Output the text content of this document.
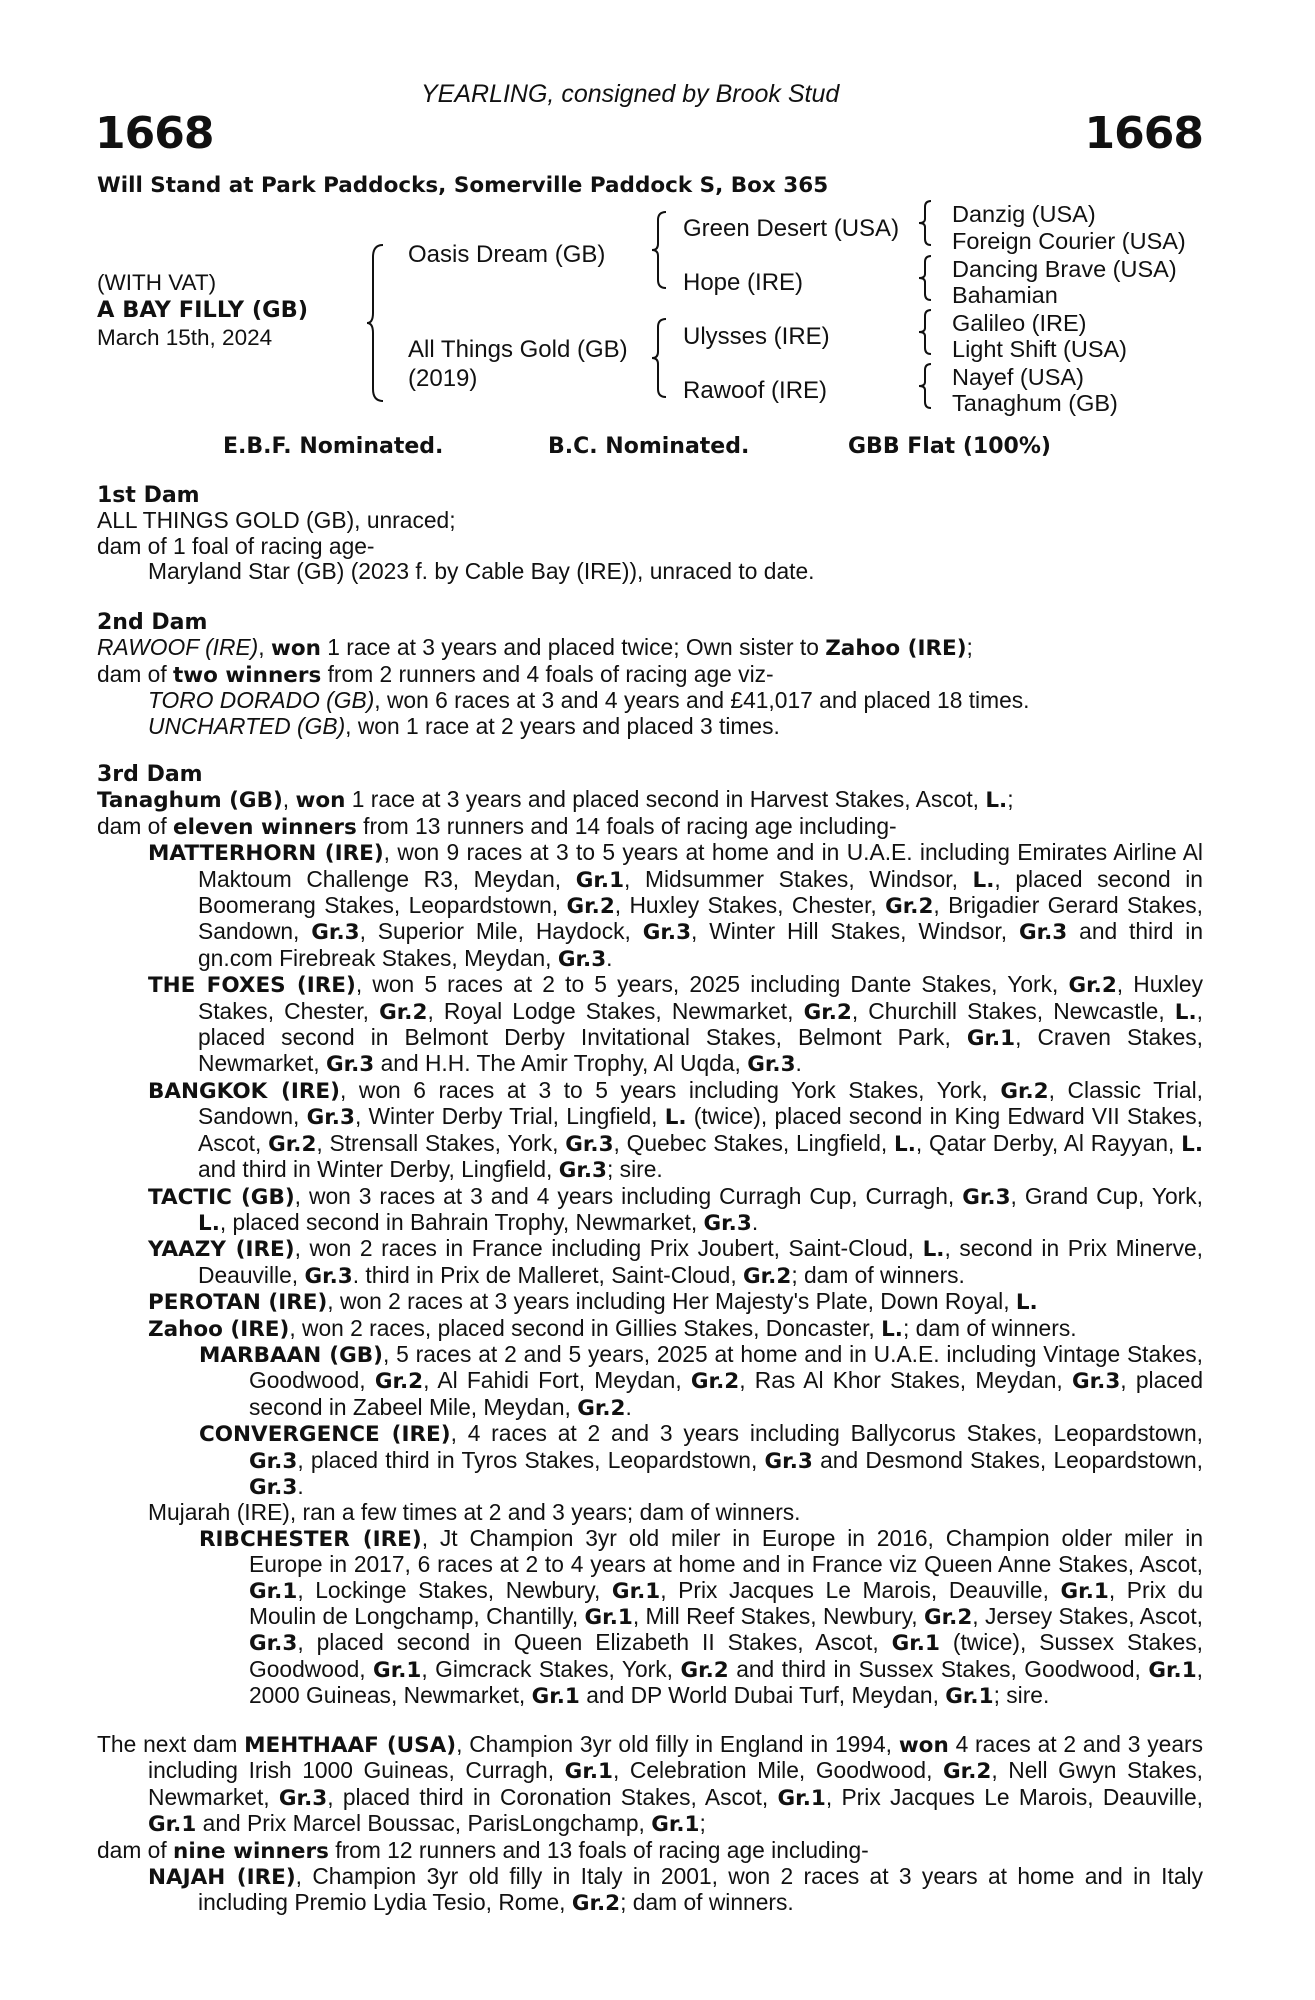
YEARLING, consigned by Brook Stud
1668	1668
Will Stand at Park Paddocks, Somerville Paddock S, Box 365
(WITH VAT)
A BAY FILLY (GB)
March 15th, 2024
Oasis Dream (GB)
All Things Gold (GB)
(2019)
Green Desert (USA)
Hope (IRE)
Ulysses (IRE)
Rawoof (IRE)
Danzig (USA)
Foreign Courier (USA)
Dancing Brave (USA)
Bahamian
Galileo (IRE)
Light Shift (USA)
Nayef (USA)
Tanaghum (GB)
E.B.F. Nominated.	B.C. Nominated.	GBB Flat (100%)
1st Dam

ALL THINGS GOLD (GB), unraced;

dam of 1 foal of racing age-

Maryland Star (GB) (2023 f. by Cable Bay (IRE)), unraced to date.

2nd Dam

RAWOOF (IRE), won 1 race at 3 years and placed twice; Own sister to Zahoo (IRE);

dam of two winners from 2 runners and 4 foals of racing age viz-

TORO DORADO (GB), won 6 races at 3 and 4 years and £41,017 and placed 18 times.

UNCHARTED (GB), won 1 race at 2 years and placed 3 times.

3rd Dam

Tanaghum (GB), won 1 race at 3 years and placed second in Harvest Stakes, Ascot, L.;

dam of eleven winners from 13 runners and 14 foals of racing age including-

MATTERHORN (IRE), won 9 races at 3 to 5 years at home and in U.A.E. including Emirates Airline Al Maktoum Challenge R3, Meydan, Gr.1, Midsummer Stakes, Windsor, L., placed second in Boomerang Stakes, Leopardstown, Gr.2, Huxley Stakes, Chester, Gr.2, Brigadier Gerard Stakes, Sandown, Gr.3, Superior Mile, Haydock, Gr.3, Winter Hill Stakes, Windsor, Gr.3 and third in gn.com Firebreak Stakes, Meydan, Gr.3.

THE FOXES (IRE), won 5 races at 2 to 5 years, 2025 including Dante Stakes, York, Gr.2, Huxley Stakes, Chester, Gr.2, Royal Lodge Stakes, Newmarket, Gr.2, Churchill Stakes, Newcastle, L., placed second in Belmont Derby Invitational Stakes, Belmont Park, Gr.1, Craven Stakes, Newmarket, Gr.3 and H.H. The Amir Trophy, Al Uqda, Gr.3.

BANGKOK (IRE), won 6 races at 3 to 5 years including York Stakes, York, Gr.2, Classic Trial, Sandown, Gr.3, Winter Derby Trial, Lingfield, L. (twice), placed second in King Edward VII Stakes, Ascot, Gr.2, Strensall Stakes, York, Gr.3, Quebec Stakes, Lingfield, L., Qatar Derby, Al Rayyan, L. and third in Winter Derby, Lingfield, Gr.3; sire.

TACTIC (GB), won 3 races at 3 and 4 years including Curragh Cup, Curragh, Gr.3, Grand Cup, York, L., placed second in Bahrain Trophy, Newmarket, Gr.3.

YAAZY (IRE), won 2 races in France including Prix Joubert, Saint-Cloud, L., second in Prix Minerve, Deauville, Gr.3. third in Prix de Malleret, Saint-Cloud, Gr.2; dam of winners.

PEROTAN (IRE), won 2 races at 3 years including Her Majesty's Plate, Down Royal, L.

Zahoo (IRE), won 2 races, placed second in Gillies Stakes, Doncaster, L.; dam of winners.

MARBAAN (GB), 5 races at 2 and 5 years, 2025 at home and in U.A.E. including Vintage Stakes, Goodwood, Gr.2, Al Fahidi Fort, Meydan, Gr.2, Ras Al Khor Stakes, Meydan, Gr.3, placed second in Zabeel Mile, Meydan, Gr.2.

CONVERGENCE (IRE), 4 races at 2 and 3 years including Ballycorus Stakes, Leopardstown, Gr.3, placed third in Tyros Stakes, Leopardstown, Gr.3 and Desmond Stakes, Leopardstown, Gr.3.

Mujarah (IRE), ran a few times at 2 and 3 years; dam of winners.

RIBCHESTER (IRE), Jt Champion 3yr old miler in Europe in 2016, Champion older miler in Europe in 2017, 6 races at 2 to 4 years at home and in France viz Queen Anne Stakes, Ascot, Gr.1, Lockinge Stakes, Newbury, Gr.1, Prix Jacques Le Marois, Deauville, Gr.1, Prix du Moulin de Longchamp, Chantilly, Gr.1, Mill Reef Stakes, Newbury, Gr.2, Jersey Stakes, Ascot, Gr.3, placed second in Queen Elizabeth II Stakes, Ascot, Gr.1 (twice), Sussex Stakes, Goodwood, Gr.1, Gimcrack Stakes, York, Gr.2 and third in Sussex Stakes, Goodwood, Gr.1, 2000 Guineas, Newmarket, Gr.1 and DP World Dubai Turf, Meydan, Gr.1; sire.

The next dam MEHTHAAF (USA), Champion 3yr old filly in England in 1994, won 4 races at 2 and 3 years including Irish 1000 Guineas, Curragh, Gr.1, Celebration Mile, Goodwood, Gr.2, Nell Gwyn Stakes, Newmarket, Gr.3, placed third in Coronation Stakes, Ascot, Gr.1, Prix Jacques Le Marois, Deauville, Gr.1 and Prix Marcel Boussac, ParisLongchamp, Gr.1;

dam of nine winners from 12 runners and 13 foals of racing age including-

NAJAH (IRE), Champion 3yr old filly in Italy in 2001, won 2 races at 3 years at home and in Italy including Premio Lydia Tesio, Rome, Gr.2; dam of winners.
